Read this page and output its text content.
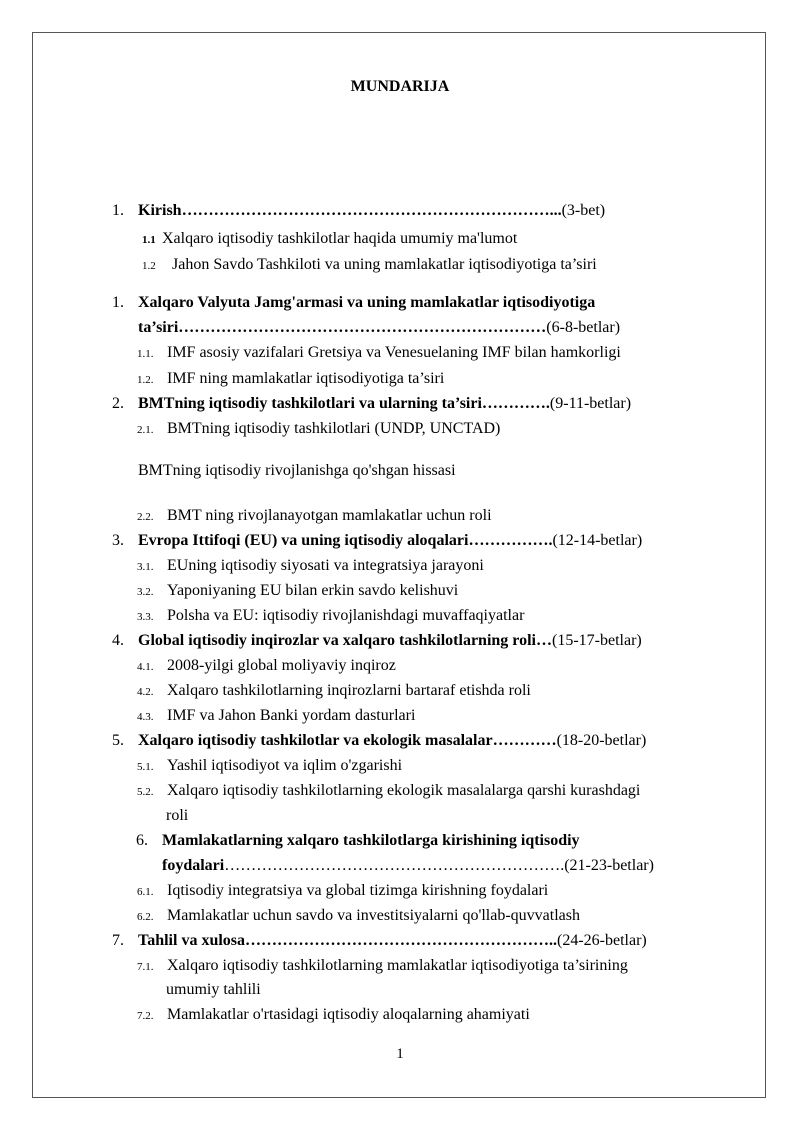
MUNDARIJA
1. Kirish……………………………………………………………...(3-bet)
1.1 Xalqaro iqtisodiy tashkilotlar haqida umumiy ma'lumot
1.2 Jahon Savdo Tashkiloti va uning mamlakatlar iqtisodiyotiga ta’siri
1. Xalqaro Valyuta Jamg'armasi va uning mamlakatlar iqtisodiyotiga
ta’siri……………………………………………………………(6-8-betlar)
1.1. IMF asosiy vazifalari Gretsiya va Venesuelaning IMF bilan hamkorligi
1.2. IMF ning mamlakatlar iqtisodiyotiga ta’siri
2. BMTning iqtisodiy tashkilotlari va ularning ta’siri………….(9-11-betlar)
2.1. BMTning iqtisodiy tashkilotlari (UNDP, UNCTAD)
BMTning iqtisodiy rivojlanishga qo'shgan hissasi
2.2. BMT ning rivojlanayotgan mamlakatlar uchun roli
3. Evropa Ittifoqi (EU) va uning iqtisodiy aloqalari…………….(12-14-betlar)
3.1. EUning iqtisodiy siyosati va integratsiya jarayoni
3.2. Yaponiyaning EU bilan erkin savdo kelishuvi
3.3. Polsha va EU: iqtisodiy rivojlanishdagi muvaffaqiyatlar
4. Global iqtisodiy inqirozlar va xalqaro tashkilotlarning roli…(15-17-betlar)
4.1. 2008-yilgi global moliyaviy inqiroz
4.2. Xalqaro tashkilotlarning inqirozlarni bartaraf etishda roli
4.3. IMF va Jahon Banki yordam dasturlari
5. Xalqaro iqtisodiy tashkilotlar va ekologik masalalar…………(18-20-betlar)
5.1. Yashil iqtisodiyot va iqlim o'zgarishi
5.2. Xalqaro iqtisodiy tashkilotlarning ekologik masalalarga qarshi kurashdagi
roli
6. Mamlakatlarning xalqaro tashkilotlarga kirishining iqtisodiy
foydalari……………………………………………………….(21-23-betlar)
6.1. Iqtisodiy integratsiya va global tizimga kirishning foydalari
6.2. Mamlakatlar uchun savdo va investitsiyalarni qo'llab-quvvatlash
7. Tahlil va xulosa…………………………………………………..(24-26-betlar)
7.1. Xalqaro iqtisodiy tashkilotlarning mamlakatlar iqtisodiyotiga ta’sirining
umumiy tahlili
7.2. Mamlakatlar o'rtasidagi iqtisodiy aloqalarning ahamiyati
1
